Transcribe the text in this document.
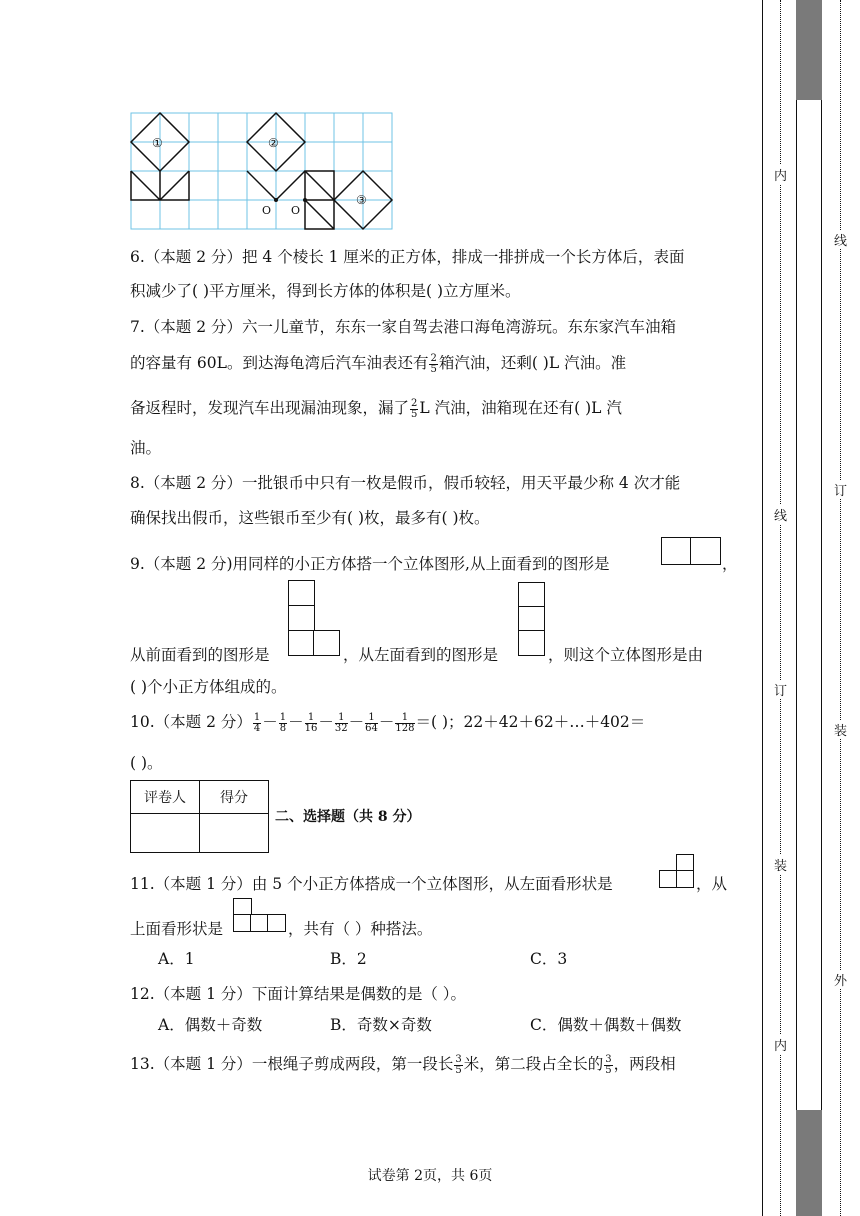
①	②
③
O O
6.（本题 2 分）把 4 个棱长 1 厘米的正方体，排成一排拼成一个长方体后，表面
积减少了( )平方厘米，得到长方体的体积是( )立方厘米。
7.（本题 2 分）六一儿童节，东东一家自驾去港口海龟湾游玩。东东家汽车油箱
的容量有 60L。到达海龟湾后汽车油表还有 $\frac{2}{5}$ 箱汽油，还剩( )L 汽油。准
备返程时，发现汽车出现漏油现象，漏了 $\frac{2}{5}$ L 汽油，油箱现在还有( )L 汽
油。
8.（本题 2 分）一批银币中只有一枚是假币，假币较轻，用天平最少称 4 次才能
确保找出假币，这些银币至少有( )枚，最多有( )枚。
9.（本题 2 分)用同样的小正方体搭一个立体图形,从上面看到的图形是	，
从前面看到的图形是	，从左面看到的图形是	，则这个立体图形是由
( )个小正方体组成的。
10.（本题 2 分） $\frac{1}{4} - \frac{1}{8} - \frac{1}{16} - \frac{1}{32} - \frac{1}{64} - \frac{1}{128}$ ＝( )；22＋42＋62＋…＋402＝
( )。
评卷人	得分

二、选择题（共 8 分）
11.（本题 1 分）由 5 个小正方体搭成一个立体图形，从左面看形状是	，从
上面看形状是	，共有（ ）种搭法。
A．1	B．2	C．3
12.（本题 1 分）下面计算结果是偶数的是（ ）。
A．偶数＋奇数	B．奇数×奇数	C．偶数＋偶数＋偶数
13.（本题 1 分）一根绳子剪成两段，第一段长 $\frac{3}{5}$ 米，第二段占全长的 $\frac{3}{5}$ ，两段相
试卷第 2页，共 6页
内
线
订
装
内
线
订
装
外
